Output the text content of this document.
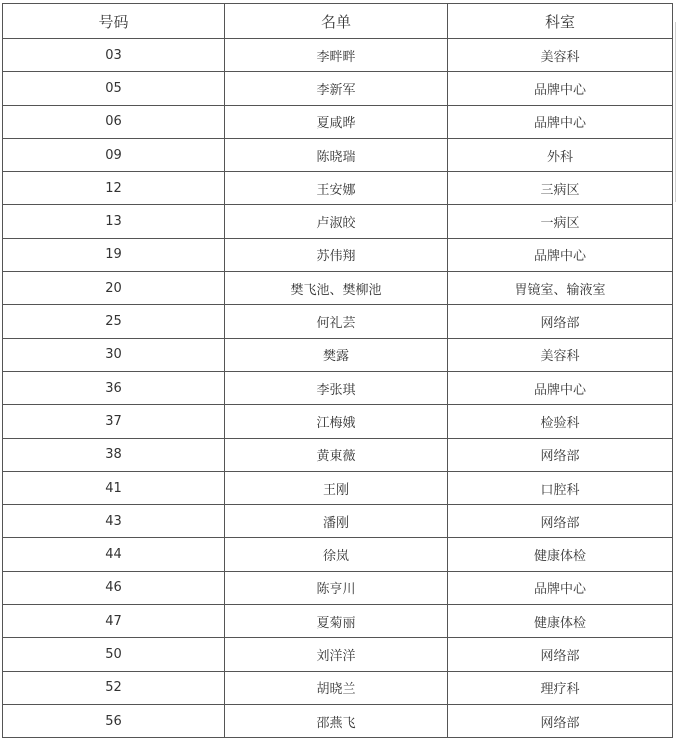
号码	名单	科室
03	李畔畔	美容科
05	李新军	品牌中心
06	夏咸晔	品牌中心
09	陈晓瑞	外科
12	王安娜	三病区
13	卢淑皎	一病区
19	苏伟翔	品牌中心
20	樊飞池、樊柳池	胃镜室、输液室
25	何礼芸	网络部
30	樊露	美容科
36	李张琪	品牌中心
37	江梅娥	检验科
38	黄東薇	网络部
41	王刚	口腔科
43	潘刚	网络部
44	徐岚	健康体检
46	陈亨川	品牌中心
47	夏菊丽	健康体检
50	刘洋洋	网络部
52	胡晓兰	理疗科
56	邵燕飞	网络部
